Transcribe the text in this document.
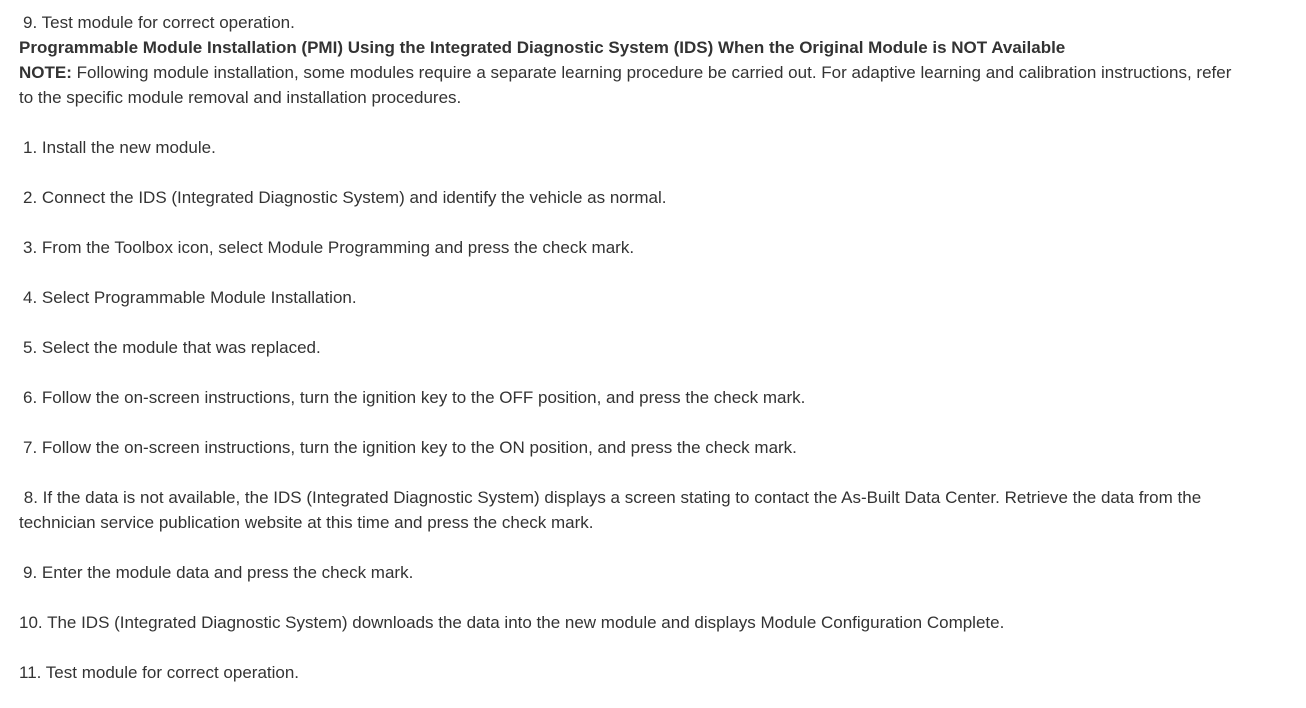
9. Test module for correct operation.

Programmable Module Installation (PMI) Using the Integrated Diagnostic System (IDS) When the Original Module is NOT Available

NOTE: Following module installation, some modules require a separate learning procedure be carried out. For adaptive learning and calibration instructions, refer to the specific module removal and installation procedures.

1. Install the new module.

2. Connect the IDS (Integrated Diagnostic System) and identify the vehicle as normal.

3. From the Toolbox icon, select Module Programming and press the check mark.

4. Select Programmable Module Installation.

5. Select the module that was replaced.

6. Follow the on-screen instructions, turn the ignition key to the OFF position, and press the check mark.

7. Follow the on-screen instructions, turn the ignition key to the ON position, and press the check mark.

8. If the data is not available, the IDS (Integrated Diagnostic System) displays a screen stating to contact the As-Built Data Center. Retrieve the data from the technician service publication website at this time and press the check mark.

9. Enter the module data and press the check mark.

10. The IDS (Integrated Diagnostic System) downloads the data into the new module and displays Module Configuration Complete.

11. Test module for correct operation.
